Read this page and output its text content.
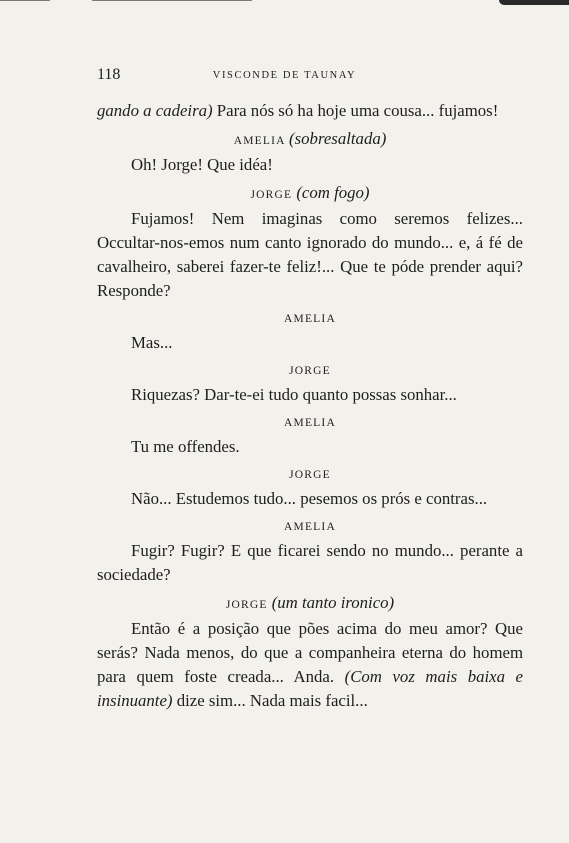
118	VISCONDE DE TAUNAY

gando a cadeira) Para nós só ha hoje uma cousa... fujamos!

AMELIA (sobresaltada)

Oh! Jorge! Que idéa!

JORGE (com fogo)

Fujamos! Nem imaginas como seremos felizes... Occultar-nos-emos num canto ignorado do mundo... e, á fé de cavalheiro, saberei fazer-te feliz!... Que te póde prender aqui? Responde?

AMELIA

Mas...

JORGE

Riquezas? Dar-te-ei tudo quanto possas sonhar...

AMELIA

Tu me offendes.

JORGE

Não... Estudemos tudo... pesemos os prós e contras...

AMELIA

Fugir? Fugir? E que ficarei sendo no mundo... perante a sociedade?

JORGE (um tanto ironico)

Então é a posição que pões acima do meu amor? Que serás? Nada menos, do que a companheira eterna do homem para quem foste creada... Anda. (Com voz mais baixa e insinuante) dize sim... Nada mais facil...
